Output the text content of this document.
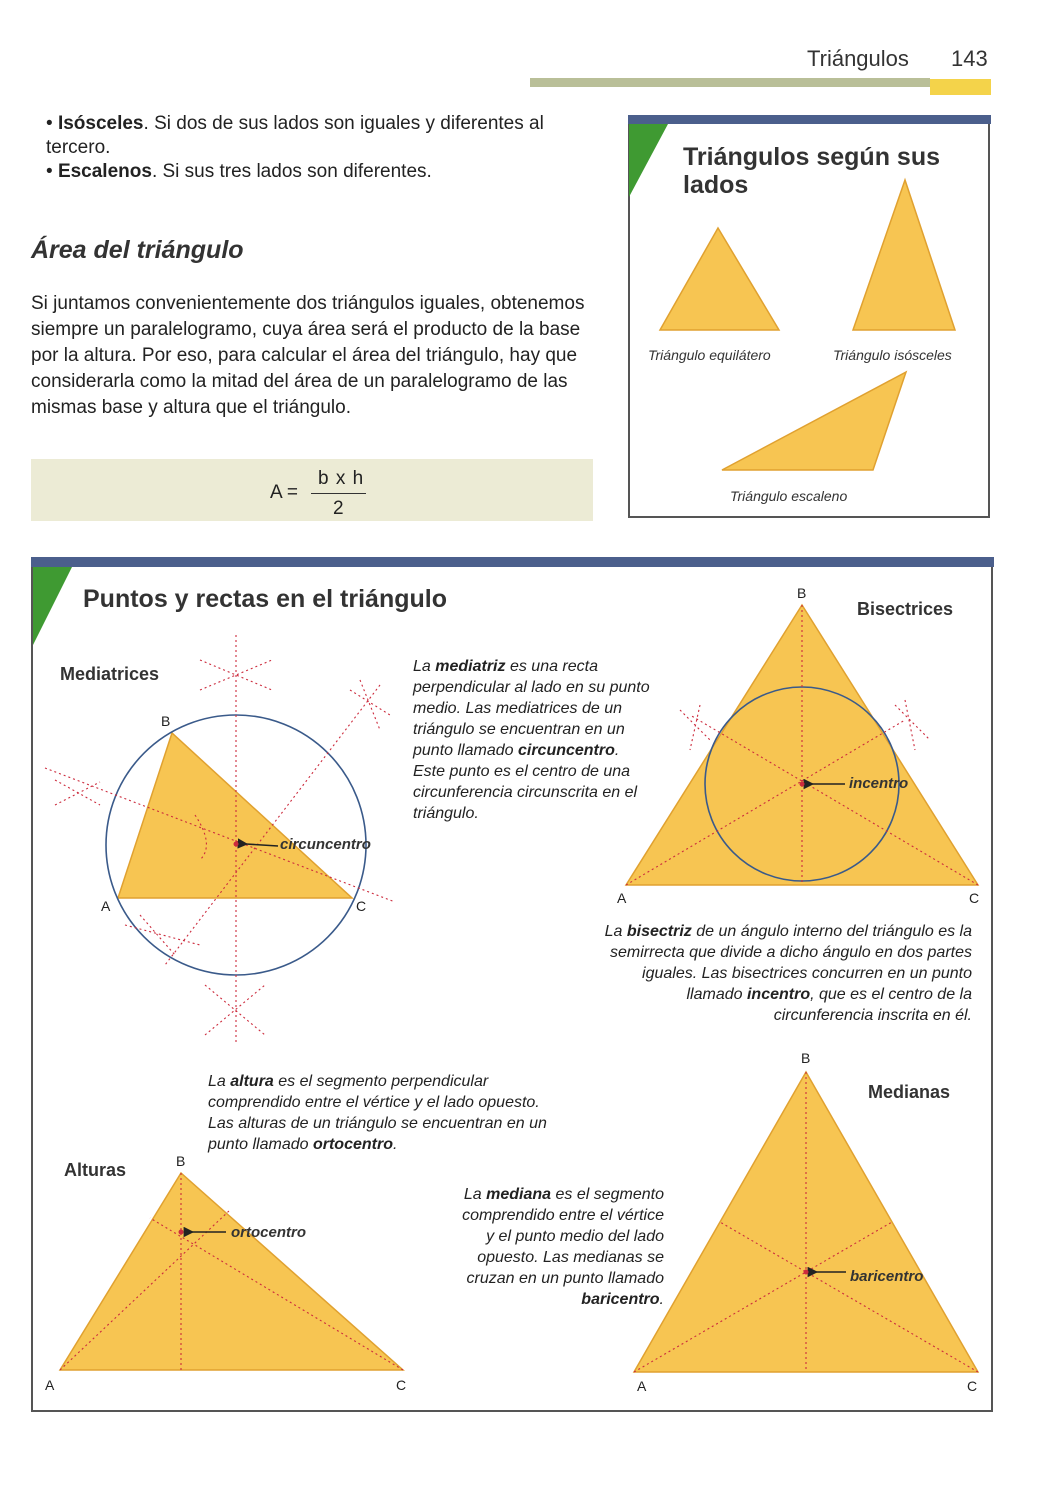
Triángulos 143
• Isósceles. Si dos de sus lados son iguales y diferentes al tercero.
• Escalenos. Si sus tres lados son diferentes.
Área del triángulo
Si juntamos convenientemente dos triángulos iguales, obtenemos siempre un paralelogramo, cuya área será el producto de la base por la altura. Por eso, para calcular el área del triángulo, hay que considerarla como la mitad del área de un paralelogramo de las mismas base y altura que el triángulo.
A =
b x h
2
circuncentro
incentro
ortocentro
baricentro
B
A	C
B
A	C
B
A	C
B
A	C
Triángulos según sus lados
Triángulo equilátero	Triángulo isósceles
Triángulo escaleno
Puntos y rectas en el triángulo
Mediatrices
Bisectrices
Alturas
Medianas
La mediatriz es una recta perpendicular al lado en su punto medio. Las mediatrices de un triángulo se encuentran en un punto llamado circuncentro. Este punto es el centro de una circunferencia circunscrita en el triángulo.
La bisectriz de un ángulo interno del triángulo es la semirrecta que divide a dicho ángulo en dos partes iguales. Las bisectrices concurren en un punto llamado incentro, que es el centro de la circunferencia inscrita en él.
La altura es el segmento perpendicular comprendido entre el vértice y el lado opuesto. Las alturas de un triángulo se encuentran en un punto llamado ortocentro.
La mediana es el segmento comprendido entre el vértice y el punto medio del lado opuesto. Las medianas se cruzan en un punto llamado baricentro.
